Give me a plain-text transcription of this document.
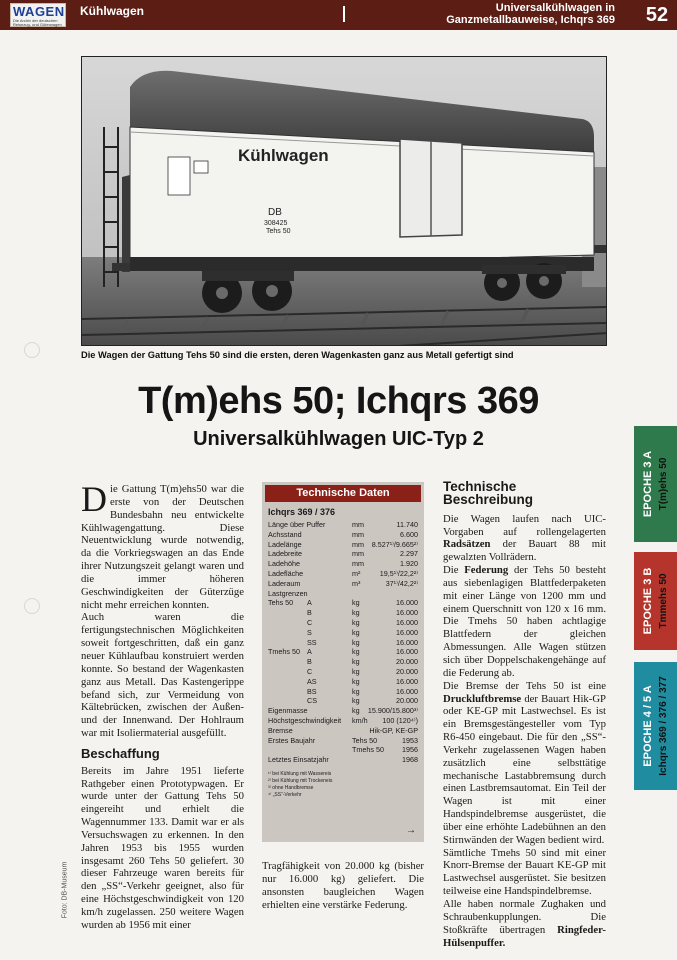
WAGEN
Die Archiv der deutschen Reisezug- und Güterwagen
Kühlwagen	Universalkühlwagen in
Ganzmetallbauweise, Ichqrs 369	52
Kühlwagen
DB
308425
Tehs 50
Die Wagen der Gattung Tehs 50 sind die ersten, deren Wagenkasten ganz aus Metall gefertigt sind
T(m)ehs 50; Ichqrs 369
Universalkühlwagen UIC-Typ 2

Die Gattung T(m)ehs50 war die erste von der Deutschen Bundesbahn neu entwickelte Kühlwagengattung. Diese Neuentwicklung wurde notwendig, da die Vorkriegswagen an das Ende ihrer Nutzungszeit gelangt waren und die immer höheren Geschwindigkeiten der Güterzüge nicht mehr erreichen konnten.

Auch waren die fertigungstechnischen Möglichkeiten soweit fortgeschritten, daß ein ganz neuer Kühlaufbau konstruiert werden konnte. So bestand der Wagenkasten ganz aus Metall. Das Kastengerippe befand sich, zur Vermeidung von Kältebrücken, zwischen der Außen- und der Innenwand. Der Hohlraum war mit Isoliermaterial ausgefüllt.

Beschaffung

Bereits im Jahre 1951 lieferte Rathgeber einen Prototypwagen. Er wurde unter der Gattung Tehs 50 eingereiht und erhielt die Wagennummer 133. Damit war er als Versuchswagen zu erkennen. In den Jahren 1953 bis 1955 wurden insgesamt 260 Tehs 50 geliefert. 30 dieser Fahrzeuge waren bereits für den „SS“-Verkehr geeignet, also für eine Höchstgeschwindigkeit von 120 km/h zugelassen. 250 weitere Wagen wurden ab 1956 mit einer

Technische Daten
Ichqrs 369 / 376
Länge über Puffer	mm	11.740
Achsstand	mm	6.600
Ladelänge	mm 8.527¹⁾/9.665²⁾
Ladebreite	mm	2.297
Ladehöhe	mm	1.920
Ladefläche	m²	19,5¹⁾/22,2²⁾
Laderaum	m³	37¹⁾/42,2²⁾
Lastgrenzen
Tehs 50 A	kg	16.000
B	kg	16.000
C	kg	16.000
S	kg	16.000
SS	kg	16.000
Tmehs 50 A	kg	16.000
B	kg	20.000
C	kg	20.000
AS	kg	16.000
BS	kg	16.000
CS	kg	20.000
Eigenmasse	kg 15.900/15.800³⁾
Höchstgeschwindigkeit km/h 100 (120⁴⁾)
Bremse	Hik-GP, KE-GP
Erstes Baujahr	Tehs 50	1953
Tmehs 50	1956
Letztes Einsatzjahr	1968
¹⁾ bei Kühlung mit Wassereis
²⁾ bei Kühlung mit Trockeneis
³⁾ ohne Handbremse
⁴⁾ „SS“-Verkehr
→

Tragfähigkeit von 20.000 kg (bisher nur 16.000 kg) geliefert. Die ansonsten baugleichen Wagen erhielten eine verstärke Federung.

Technische Beschreibung

Die Wagen laufen nach UIC-Vorgaben auf rollengelagerten Radsätzen der Bauart 88 mit gewalzten Vollrädern.

Die Federung der Tehs 50 besteht aus siebenlagigen Blattfederpaketen mit einer Länge von 1200 mm und einem Querschnitt von 120 x 16 mm. Die Tmehs 50 haben achtlagige Blattfedern der gleichen Abmessungen. Alle Wagen stützen sich über Doppelschakengehänge auf die Federung ab.

Die Bremse der Tehs 50 ist eine Druckluftbremse der Bauart Hik-GP oder KE-GP mit Lastwechsel. Es ist ein Bremsgestängesteller vom Typ R6-450 eingebaut. Die für den „SS“-Verkehr zugelassenen Wagen haben zusätzlich eine selbsttätige mechanische Lastabbremsung durch einen Lastbremsautomat. Ein Teil der Wagen ist mit einer Handspindelbremse ausgerüstet, die über eine erhöhte Ladebühnen an den Stirnwänden der Wagen bedient wird.

Sämtliche Tmehs 50 sind mit einer Knorr-Bremse der Bauart KE-GP mit Lastwechsel ausgerüstet. Sie besitzen teilweise eine Handspindelbremse.

Alle haben normale Zughaken und Schraubenkupplungen. Die Stoßkräfte übertragen Ringfeder-Hülsenpuffer.

EPOCHE 3 A T(m)ehs 50
EPOCHE 3 B Tmmehs 50
EPOCHE 4 / 5 A Ichqrs 369 / 376 / 377
Foto: DB-Museum
